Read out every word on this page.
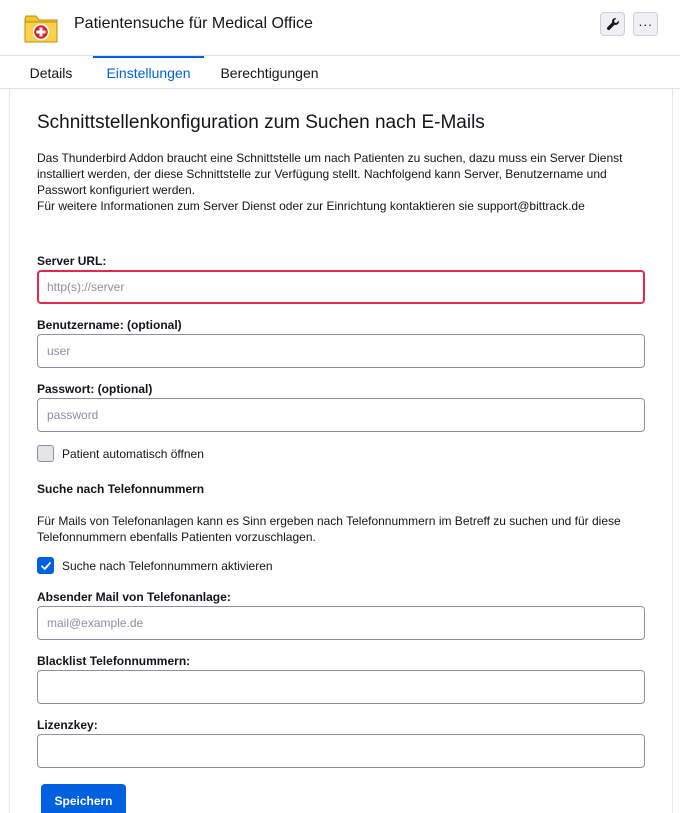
Patientensuche für Medical Office	···
Details	Einstellungen	Berechtigungen
Schnittstellenkonfiguration zum Suchen nach E-Mails
Das Thunderbird Addon braucht eine Schnittstelle um nach Patienten zu suchen, dazu muss ein Server Dienst installiert werden, der diese Schnittstelle zur Verfügung stellt. Nachfolgend kann Server, Benutzername und Passwort konfiguriert werden.
Für weitere Informationen zum Server Dienst oder zur Einrichtung kontaktieren sie support@bittrack.de
Server URL:
http(s)://server
Benutzername: (optional)
user
Passwort: (optional)
Patient automatisch öffnen
Suche nach Telefonnummern
Für Mails von Telefonanlagen kann es Sinn ergeben nach Telefonnummern im Betreff zu suchen und für diese Telefonnummern ebenfalls Patienten vorzuschlagen.
Suche nach Telefonnummern aktivieren
Absender Mail von Telefonanlage:
mail@example.de
Blacklist Telefonnummern:
Lizenzkey:
Speichern
